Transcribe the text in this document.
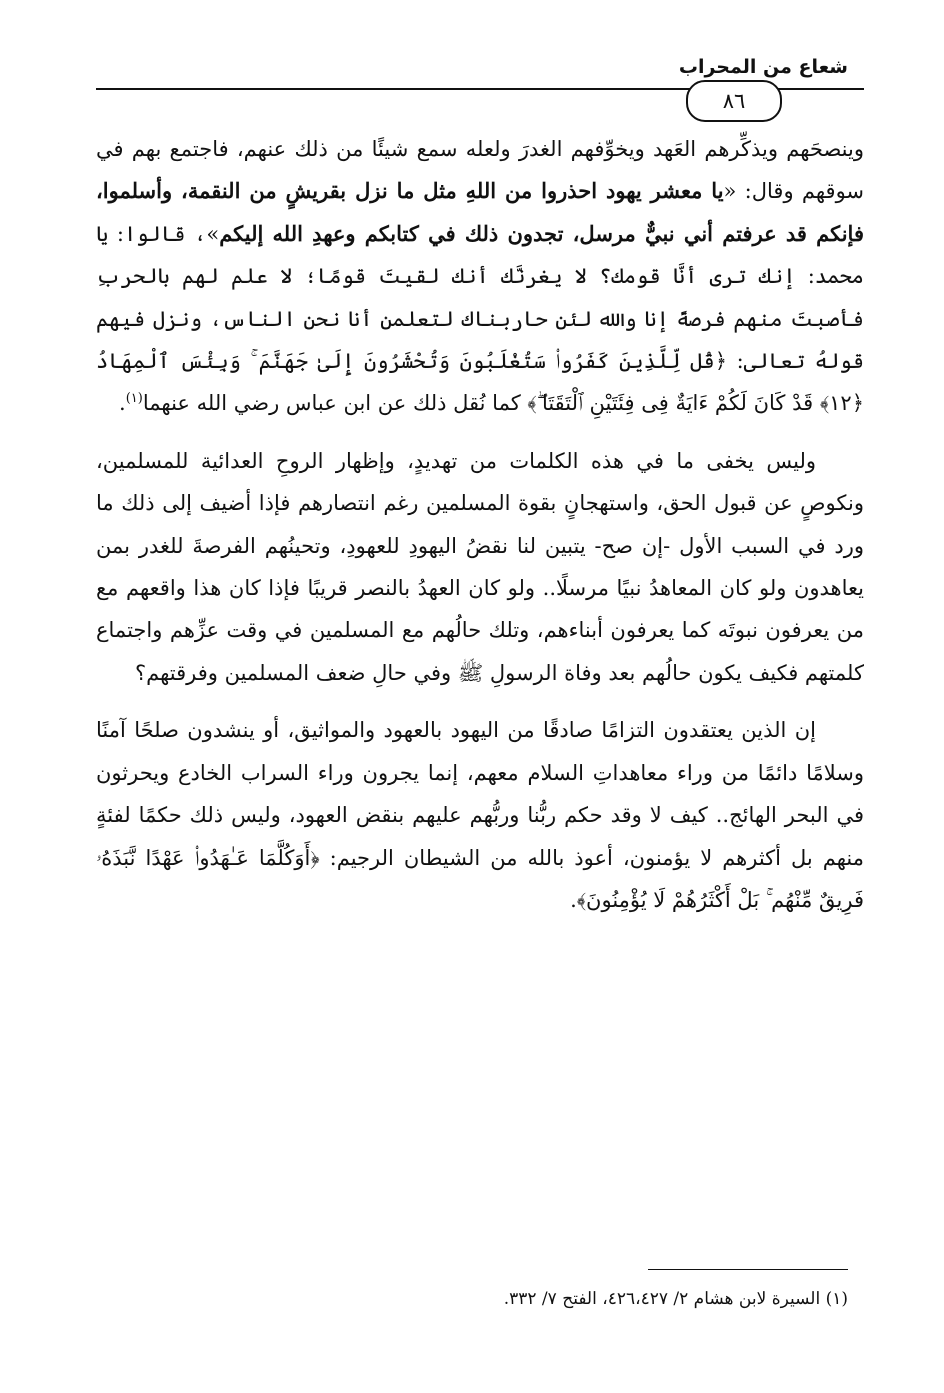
شعاع من المحراب
٨٦

وينصحَهم ويذكِّرهم العَهد ويخوِّفهم الغدرَ ولعله سمع شيئًا من ذلك عنهم، فاجتمع بهم في سوقهم وقال: «يا معشر يهود احذروا من اللهِ مثل ما نزل بقريشٍ من النقمة، وأسلموا، فإنكم قد عرفتم أني نبيٌّ مرسل، تجدون ذلك في كتابكم وعهدِ الله إليكم»، قالوا: يا محمد: إنك ترى أنَّا قومك؟ لا يغرنَّك أنك لقيتَ قومًا؛ لا علم لهم بالحربِ فأصبتَ منهم فرصةً إنا والله لئن حاربناك لتعلمن أنا نحن الناس، ونزل فيهم قولهُ تعالى: ﴿قُل لِّلَّذِينَ كَفَرُوا۟ سَتُغْلَبُونَ وَتُحْشَرُونَ إِلَىٰ جَهَنَّمَ ۚ وَبِئْسَ ٱلْمِهَادُ ﴿١٢﴾ قَدْ كَانَ لَكُمْ ءَايَةٌ فِى فِئَتَيْنِ ٱلْتَقَتَا ۖ﴾ كما نُقل ذلك عن ابن عباس رضي الله عنهما$^{(١)}$.

وليس يخفى ما في هذه الكلمات من تهديدٍ، وإظهار الروحِ العدائية للمسلمين، ونكوصٍ عن قبول الحق، واستهجانٍ بقوة المسلمين رغم انتصارهم فإذا أضيف إلى ذلك ما ورد في السبب الأول -إن صح- يتبين لنا نقضُ اليهودِ للعهودِ، وتحينُهم الفرصةَ للغدر بمن يعاهدون ولو كان المعاهدُ نبيًا مرسلًا.. ولو كان العهدُ بالنصر قريبًا فإذا كان هذا واقعهم مع من يعرفون نبوتَه كما يعرفون أبناءهم، وتلك حالُهم مع المسلمين في وقت عزِّهم واجتماع كلمتهم فكيف يكون حالُهم بعد وفاة الرسولِ ﷺ وفي حالِ ضعف المسلمين وفرقتهم؟

إن الذين يعتقدون التزامًا صادقًا من اليهود بالعهود والمواثيق، أو ينشدون صلحًا آمنًا وسلامًا دائمًا من وراء معاهداتِ السلام معهم، إنما يجرون وراء السراب الخادع ويحرثون في البحر الهائج.. كيف لا وقد حكم ربُّنا وربُّهم عليهم بنقض العهود، وليس ذلك حكمًا لفئةٍ منهم بل أكثرهم لا يؤمنون، أعوذ بالله من الشيطان الرجيم: ﴿أَوَكُلَّمَا عَـٰهَدُوا۟ عَهْدًا نَّبَذَهُۥ فَرِيقٌ مِّنْهُم ۚ بَلْ أَكْثَرُهُمْ لَا يُؤْمِنُونَ﴾.

(١) السيرة لابن هشام ٢/ ٤٢٦،٤٢٧، الفتح ٧/ ٣٣٢.
